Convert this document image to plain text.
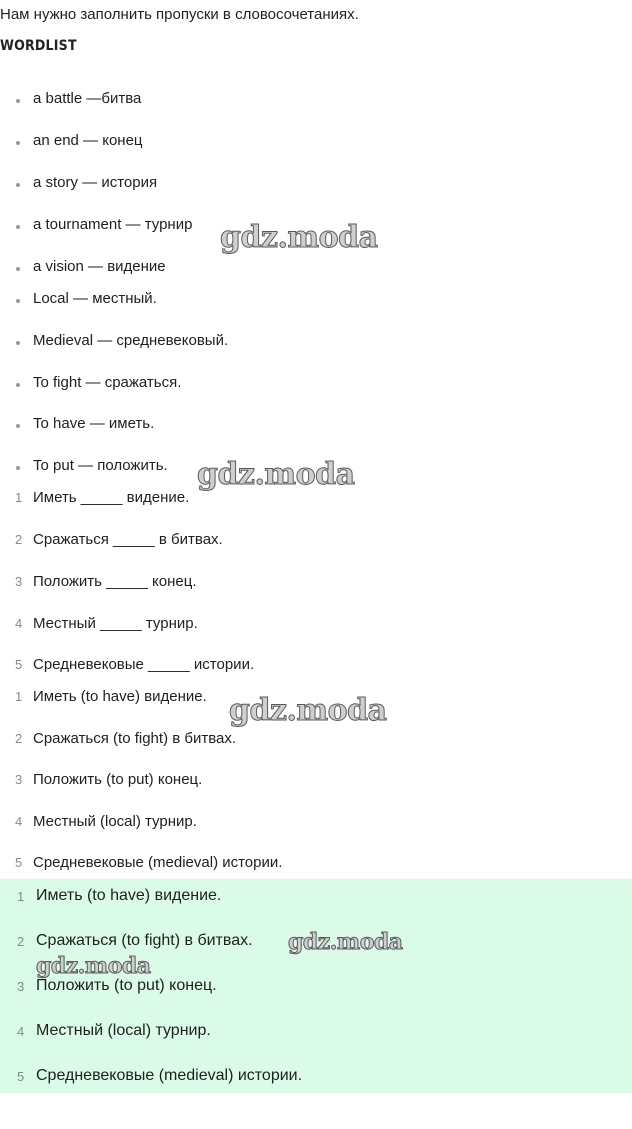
Нам нужно заполнить пропуски в словосочетаниях.
WORDLIST
a battle —битва
an end — конец
a story — история
a tournament — турнир
a vision — видение
Local — местный.
Medieval — средневековый.
To fight — сражаться.
To have — иметь.
To put — положить.
1 Иметь _____ видение.
2 Сражаться _____ в битвах.
3 Положить _____ конец.
4 Местный _____ турнир.
5 Средневековые _____ истории.
1 Иметь (to have) видение.
2 Сражаться (to fight) в битвах.
3 Положить (to put) конец.
4 Местный (local) турнир.
5 Средневековые (medieval) истории.
1 Иметь (to have) видение.
2 Сражаться (to fight) в битвах.
3 Положить (to put) конец.
4 Местный (local) турнир.
5 Средневековые (medieval) истории.
gdz.moda
gdz.moda
gdz.moda
gdz.moda
gdz.moda
